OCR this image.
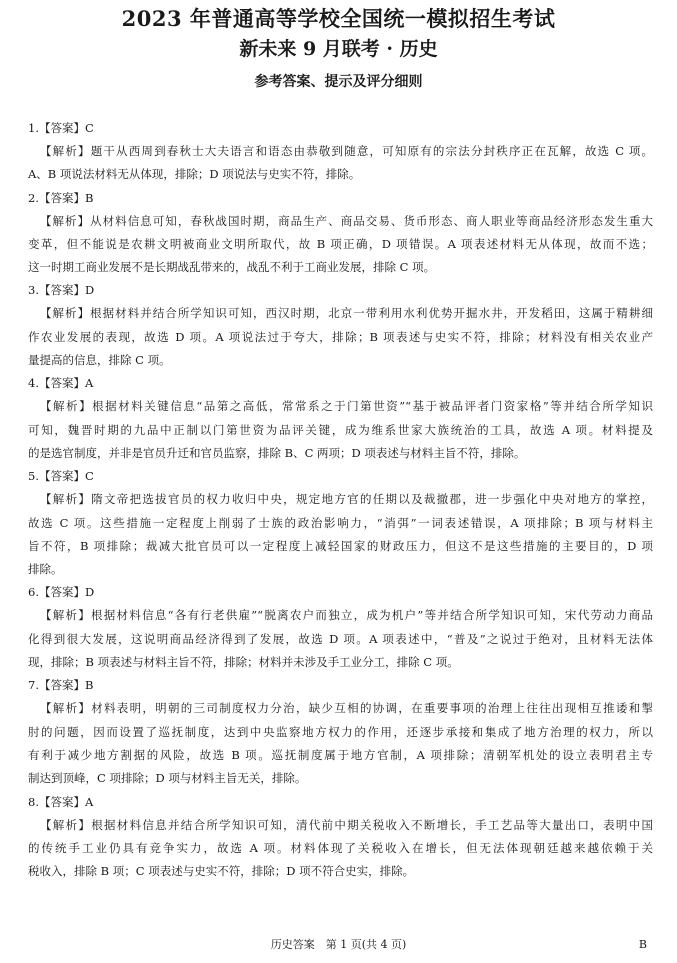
2023 年普通高等学校全国统一模拟招生考试
新未来 9 月联考 · 历史
参考答案、提示及评分细则
1.【答案】C
【解析】题干从西周到春秋士大夫语言和语态由恭敬到随意，可知原有的宗法分封秩序正在瓦解，故选 C 项。
A、B 项说法材料无从体现，排除；D 项说法与史实不符，排除。
2.【答案】B
【解析】从材料信息可知，春秋战国时期，商品生产、商品交易、货币形态、商人职业等商品经济形态发生重大
变革，但不能说是农耕文明被商业文明所取代，故 B 项正确，D 项错误。A 项表述材料无从体现，故而不选；
这一时期工商业发展不是长期战乱带来的，战乱不利于工商业发展，排除 C 项。
3.【答案】D
【解析】根据材料并结合所学知识可知，西汉时期，北京一带利用水利优势开掘水井，开发稻田，这属于精耕细
作农业发展的表现，故选 D 项。A 项说法过于夸大，排除；B 项表述与史实不符，排除；材料没有相关农业产
量提高的信息，排除 C 项。
4.【答案】A
【解析】根据材料关键信息“品第之高低，常常系之于门第世资”“基于被品评者门资家格”等并结合所学知识
可知，魏晋时期的九品中正制以门第世资为品评关键，成为维系世家大族统治的工具，故选 A 项。材料提及
的是选官制度，并非是官员升迁和官员监察，排除 B、C 两项；D 项表述与材料主旨不符，排除。
5.【答案】C
【解析】隋文帝把选拔官员的权力收归中央，规定地方官的任期以及裁撤郡，进一步强化中央对地方的掌控，
故选 C 项。这些措施一定程度上削弱了士族的政治影响力，“消弭”一词表述错误，A 项排除；B 项与材料主
旨不符，B 项排除；裁减大批官员可以一定程度上减轻国家的财政压力，但这不是这些措施的主要目的，D 项
排除。
6.【答案】D
【解析】根据材料信息“各有行老供雇”“脱离农户而独立，成为机户”等并结合所学知识可知，宋代劳动力商品
化得到很大发展，这说明商品经济得到了发展，故选 D 项。A 项表述中，“普及”之说过于绝对，且材料无法体
现，排除；B 项表述与材料主旨不符，排除；材料并未涉及手工业分工，排除 C 项。
7.【答案】B
【解析】材料表明，明朝的三司制度权力分治，缺少互相的协调，在重要事项的治理上往往出现相互推诿和掣
肘的问题，因而设置了巡抚制度，达到中央监察地方权力的作用，还逐步承接和集成了地方治理的权力，所以
有利于减少地方割据的风险，故选 B 项。巡抚制度属于地方官制，A 项排除；清朝军机处的设立表明君主专
制达到顶峰，C 项排除；D 项与材料主旨无关，排除。
8.【答案】A
【解析】根据材料信息并结合所学知识可知，清代前中期关税收入不断增长，手工艺品等大量出口，表明中国
的传统手工业仍具有竞争实力，故选 A 项。材料体现了关税收入在增长，但无法体现朝廷越来越依赖于关
税收入，排除 B 项；C 项表述与史实不符，排除；D 项不符合史实，排除。
历史答案　第 1 页(共 4 页)	B
